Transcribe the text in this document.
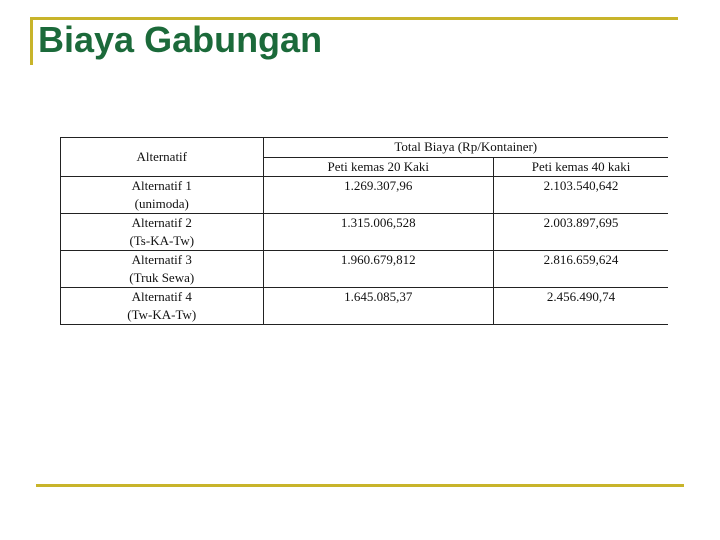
Biaya Gabungan
Alternatif	Total Biaya (Rp/Kontainer)	
	Peti kemas 20 Kaki	Peti kemas 40 kaki

Alternatif 1
(unimoda)	1.269.307,96	2.103.540,642

Alternatif 2
(Ts-KA-Tw)	1.315.006,528	2.003.897,695

Alternatif 3
(Truk Sewa)	1.960.679,812	2.816.659,624

Alternatif 4
(Tw-KA-Tw)	1.645.085,37	2.456.490,74
